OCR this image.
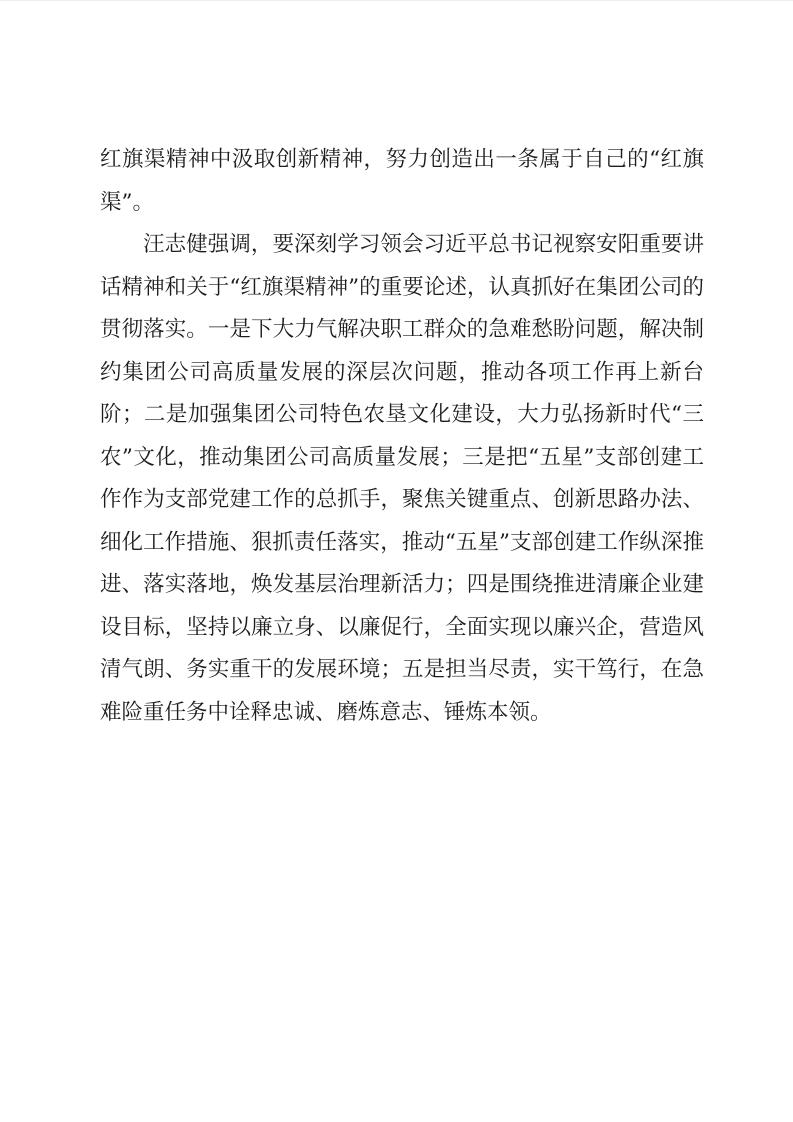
红旗渠精神中汲取创新精神，努力创造出一条属于自己的“红旗渠”。

汪志健强调，要深刻学习领会习近平总书记视察安阳重要讲话精神和关于“红旗渠精神”的重要论述，认真抓好在集团公司的贯彻落实。一是下大力气解决职工群众的急难愁盼问题，解决制约集团公司高质量发展的深层次问题，推动各项工作再上新台阶；二是加强集团公司特色农垦文化建设，大力弘扬新时代“三农”文化，推动集团公司高质量发展；三是把“五星”支部创建工作作为支部党建工作的总抓手，聚焦关键重点、创新思路办法、细化工作措施、狠抓责任落实，推动“五星”支部创建工作纵深推进、落实落地，焕发基层治理新活力；四是围绕推进清廉企业建设目标，坚持以廉立身、以廉促行，全面实现以廉兴企，营造风清气朗、务实重干的发展环境；五是担当尽责，实干笃行，在急难险重任务中诠释忠诚、磨炼意志、锤炼本领。
